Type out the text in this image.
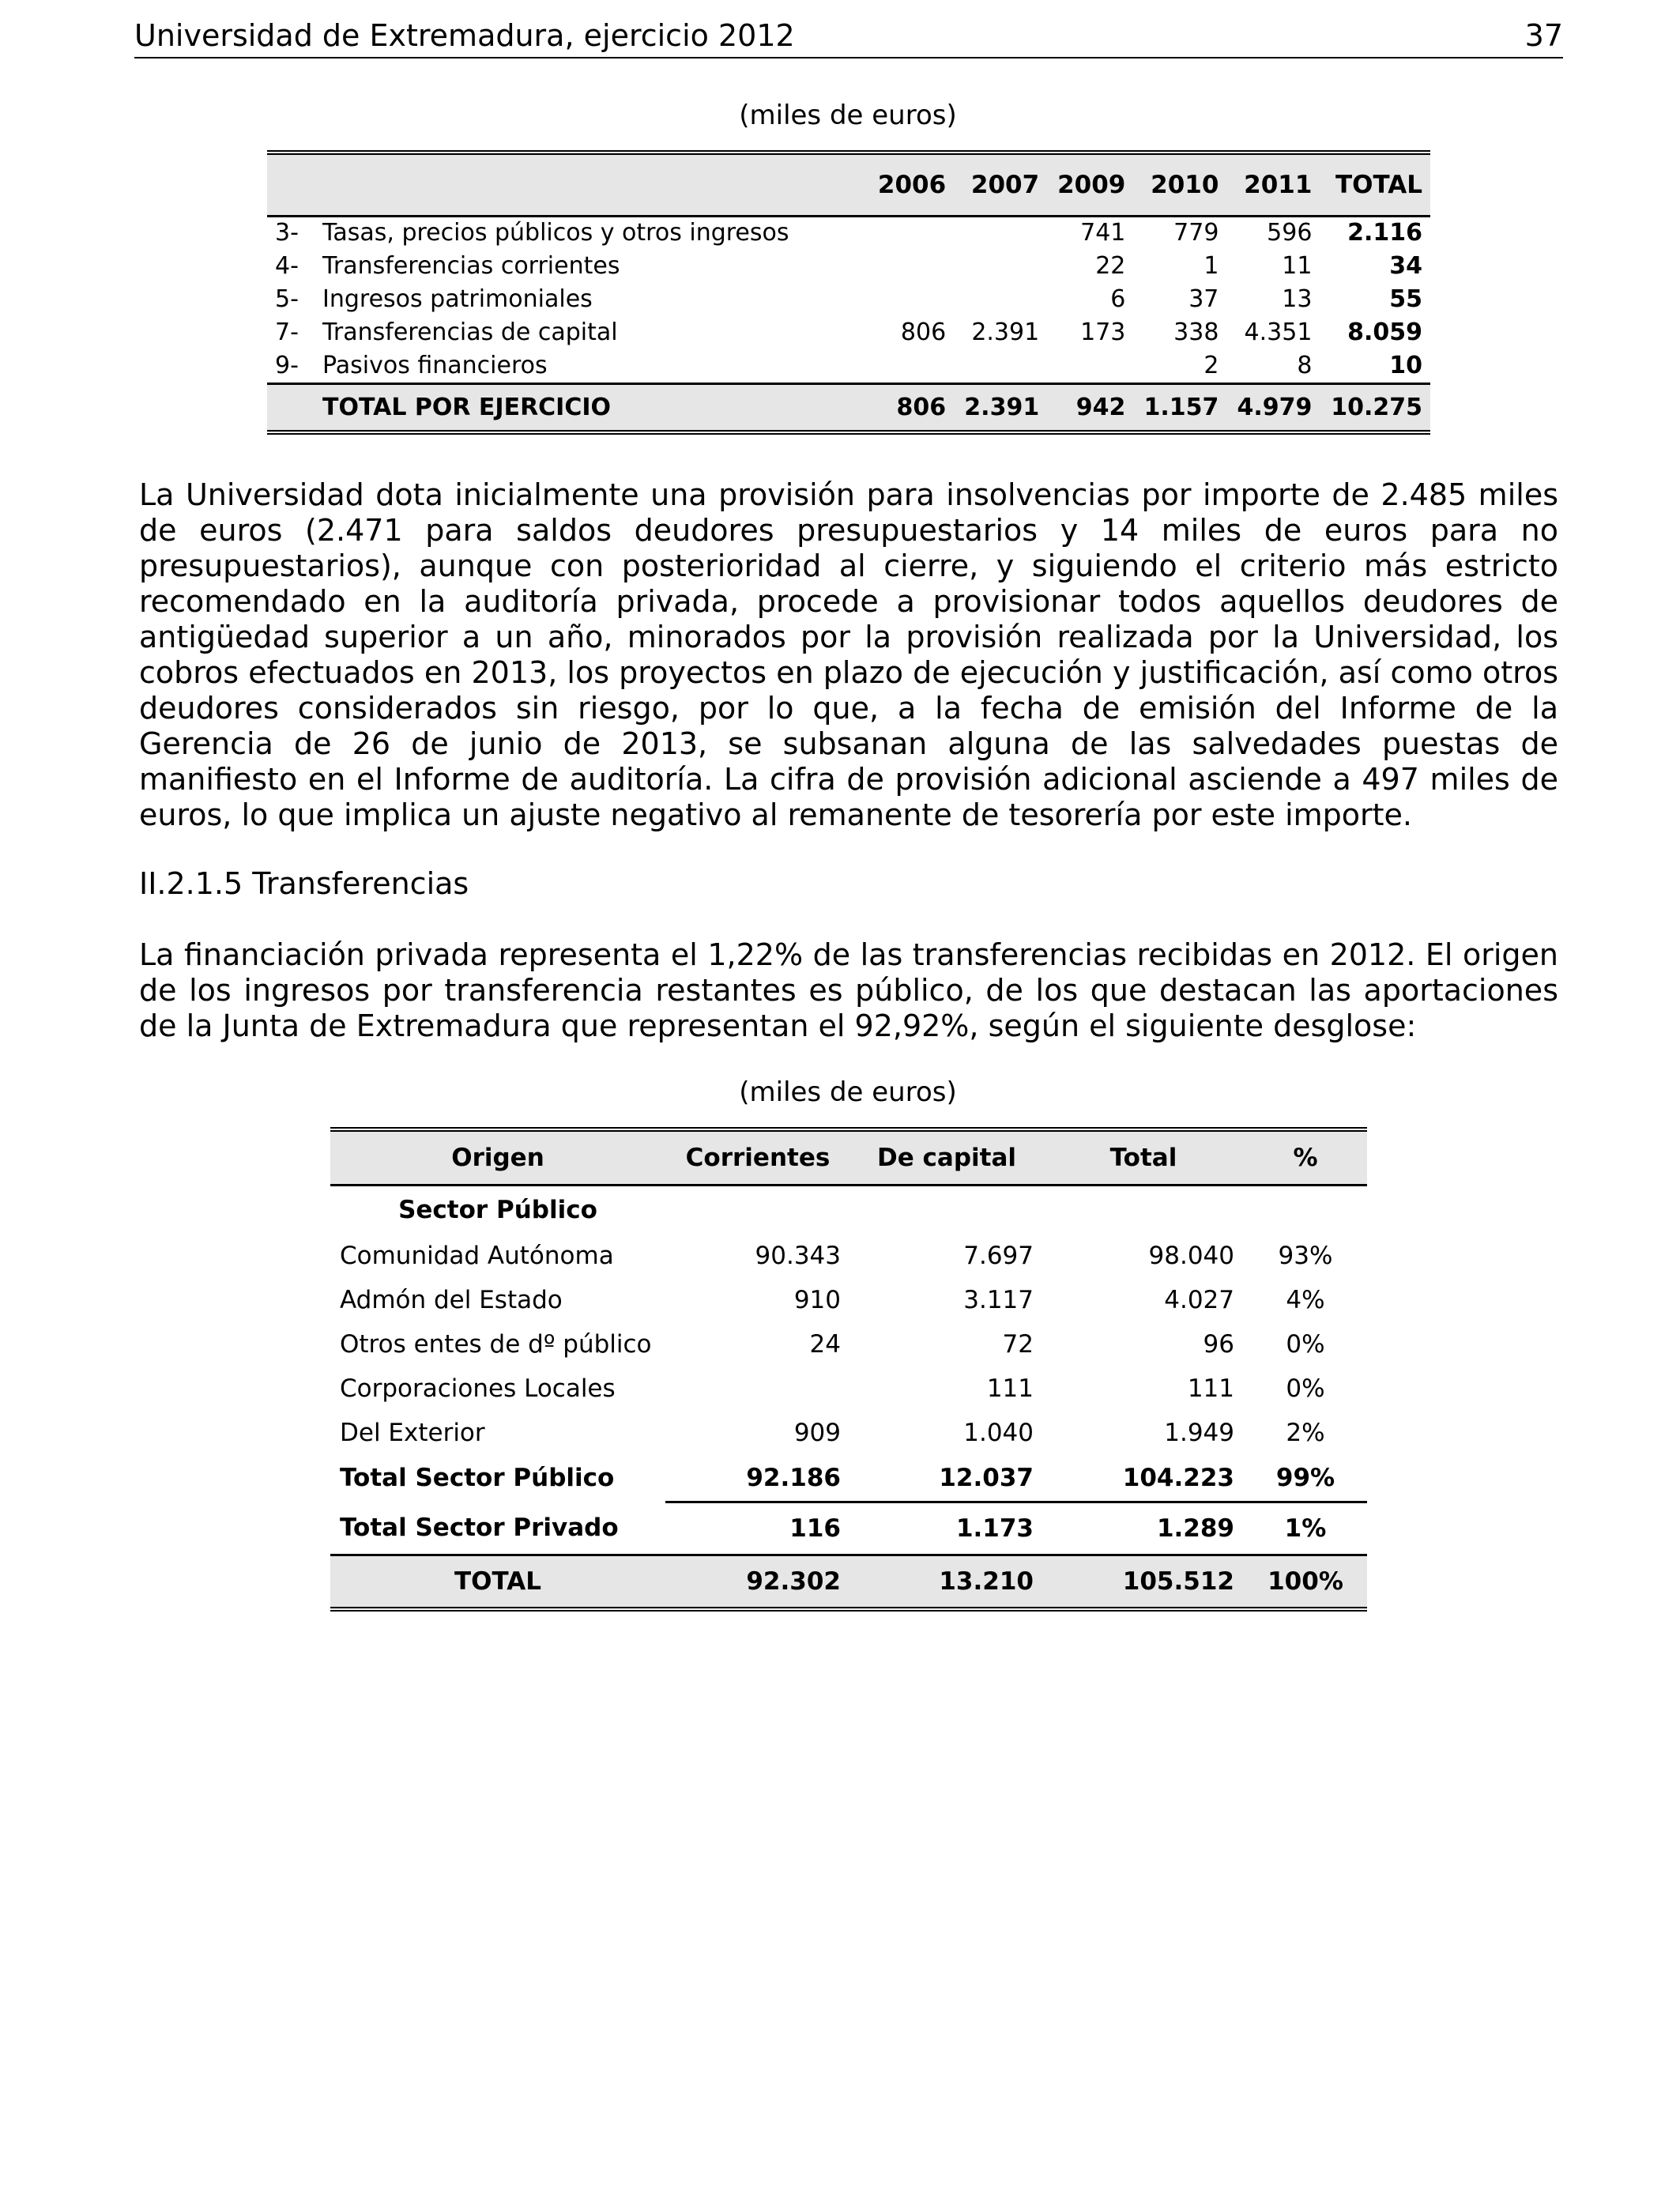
Universidad de Extremadura, ejercicio 2012	37
(miles de euros)
		2006	2007	2009	2010	2011	TOTAL
3-	Tasas, precios públicos y otros ingresos			741	779	596	2.116
4-	Transferencias corrientes			22	1	11	34
5-	Ingresos patrimoniales			6	37	13	55
7-	Transferencias de capital	806	2.391	173	338	4.351	8.059
9-	Pasivos financieros				2	8	10
	TOTAL POR EJERCICIO	806	2.391	942	1.157	4.979	10.275

La Universidad dota inicialmente una provisión para insolvencias por importe de 2.485 miles de euros (2.471 para saldos deudores presupuestarios y 14 miles de euros para no presupuestarios), aunque con posterioridad al cierre, y siguiendo el criterio más estricto recomendado en la auditoría privada, procede a provisionar todos aquellos deudores de antigüedad superior a un año, minorados por la provisión realizada por la Universidad, los cobros efectuados en 2013, los proyectos en plazo de ejecución y justificación, así como otros deudores considerados sin riesgo, por lo que, a la fecha de emisión del Informe de la Gerencia de 26 de junio de 2013, se subsanan alguna de las salvedades puestas de manifiesto en el Informe de auditoría. La cifra de provisión adicional asciende a 497 miles de euros, lo que implica un ajuste negativo al remanente de tesorería por este importe.

II.2.1.5 Transferencias

La financiación privada representa el 1,22% de las transferencias recibidas en 2012. El origen de los ingresos por transferencia restantes es público, de los que destacan las aportaciones de la Junta de Extremadura que representan el 92,92%, según el siguiente desglose:

(miles de euros)
Origen	Corrientes	De capital	Total	%
Sector Público				
Comunidad Autónoma	90.343	7.697	98.040	93%
Admón del Estado	910	3.117	4.027	4%
Otros entes de dº público	24	72	96	0%
Corporaciones Locales		111	111	0%
Del Exterior	909	1.040	1.949	2%
Total Sector Público	92.186	12.037	104.223	99%
Total Sector Privado	116	1.173	1.289	1%
TOTAL	92.302	13.210	105.512	100%
